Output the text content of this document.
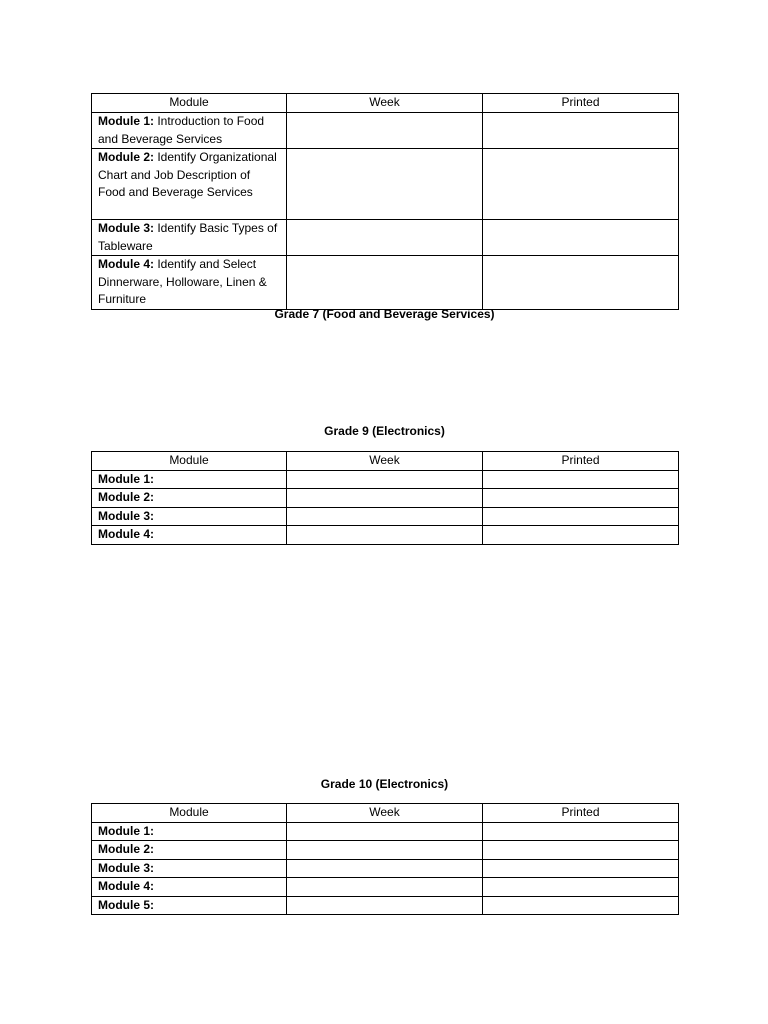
Module	Week	Printed
Module 1: Introduction to Food and Beverage Services		
Module 2: Identify Organizational Chart and Job Description of Food and Beverage Services		
Module 3: Identify Basic Types of Tableware		
Module 4: Identify and Select Dinnerware, Holloware, Linen & Furniture		
Grade 7 (Food and Beverage Services)
Grade 9 (Electronics)
Module	Week	Printed
Module 1:		
Module 2:		
Module 3:		
Module 4:		
Grade 10 (Electronics)
Module	Week	Printed
Module 1:		
Module 2:		
Module 3:		
Module 4:		
Module 5:		
